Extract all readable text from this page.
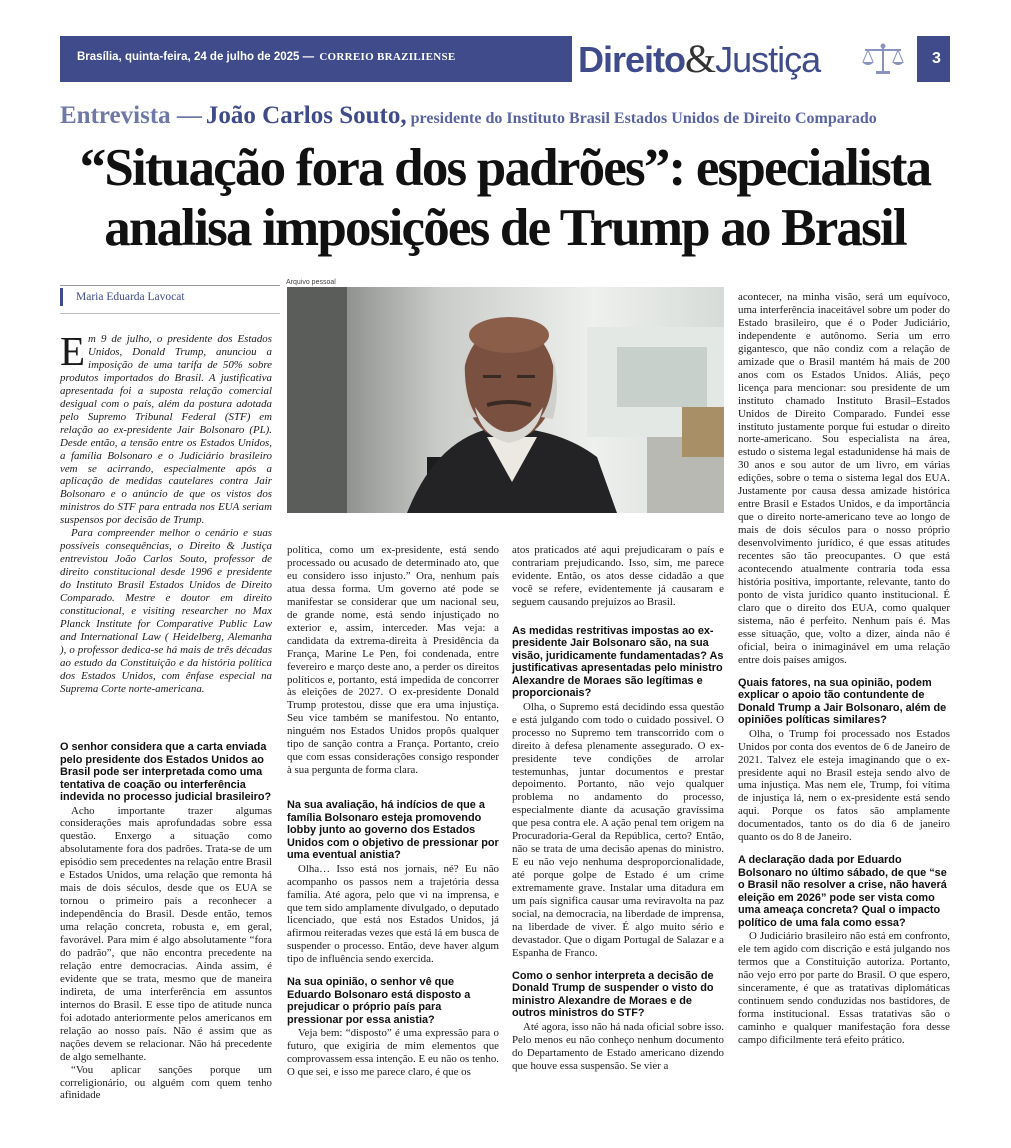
Brasília, quinta-feira, 24 de julho de 2025 — CORREIO BRAZILIENSE	Direito&Justiça	3
Entrevista — João Carlos Souto, presidente do Instituto Brasil Estados Unidos de Direito Comparado
“Situação fora dos padrões”: especialista
analisa imposições de Trump ao Brasil
Maria Eduarda Lavocat
Arquivo pessoal

Em 9 de julho, o presidente dos Estados Unidos, Donald Trump, anunciou a imposição de uma tarifa de 50% sobre produtos importados do Brasil. A justificativa apresentada foi a suposta relação comercial desigual com o país, além da postura adotada pelo Supremo Tribunal Federal (STF) em relação ao ex-presidente Jair Bolsonaro (PL). Desde então, a tensão entre os Estados Unidos, a família Bolsonaro e o Judiciário brasileiro vem se acirrando, especialmente após a aplicação de medidas cautelares contra Jair Bolsonaro e o anúncio de que os vistos dos ministros do STF para entrada nos EUA seriam suspensos por decisão de Trump.

Para compreender melhor o cenário e suas possíveis consequências, o Direito & Justiça entrevistou João Carlos Souto, professor de direito constitucional desde 1996 e presidente do Instituto Brasil Estados Unidos de Direito Comparado. Mestre e doutor em direito constitucional, e visiting researcher no Max Planck Institute for Comparative Public Law and International Law ( Heidelberg, Alemanha ), o professor dedica-se há mais de três décadas ao estudo da Constituição e da história política dos Estados Unidos, com ênfase especial na Suprema Corte norte-americana.

O senhor considera que a carta enviada pelo presidente dos Estados Unidos ao Brasil pode ser interpretada como uma tentativa de coação ou interferência indevida no processo judicial brasileiro?

Acho importante trazer algumas considerações mais aprofundadas sobre essa questão. Enxergo a situação como absolutamente fora dos padrões. Trata-se de um episódio sem precedentes na relação entre Brasil e Estados Unidos, uma relação que remonta há mais de dois séculos, desde que os EUA se tornou o primeiro país a reconhecer a independência do Brasil. Desde então, temos uma relação concreta, robusta e, em geral, favorável. Para mim é algo absolutamente “fora do padrão”, que não encontra precedente na relação entre democracias. Ainda assim, é evidente que se trata, mesmo que de maneira indireta, de uma interferência em assuntos internos do Brasil. E esse tipo de atitude nunca foi adotado anteriormente pelos americanos em relação ao nosso país. Não é assim que as nações devem se relacionar. Não há precedente de algo semelhante.

“Vou aplicar sanções porque um correligionário, ou alguém com quem tenho afinidade

política, como um ex-presidente, está sendo processado ou acusado de determinado ato, que eu considero isso injusto.” Ora, nenhum país atua dessa forma. Um governo até pode se manifestar se considerar que um nacional seu, de grande nome, está sendo injustiçado no exterior e, assim, interceder. Mas veja: a candidata da extrema-direita à Presidência da França, Marine Le Pen, foi condenada, entre fevereiro e março deste ano, a perder os direitos políticos e, portanto, está impedida de concorrer às eleições de 2027. O ex-presidente Donald Trump protestou, disse que era uma injustiça. Seu vice também se manifestou. No entanto, ninguém nos Estados Unidos propôs qualquer tipo de sanção contra a França. Portanto, creio que com essas considerações consigo responder à sua pergunta de forma clara.

Na sua avaliação, há indícios de que a família Bolsonaro esteja promovendo lobby junto ao governo dos Estados Unidos com o objetivo de pressionar por uma eventual anistia?

Olha… Isso está nos jornais, né? Eu não acompanho os passos nem a trajetória dessa família. Até agora, pelo que vi na imprensa, e que tem sido amplamente divulgado, o deputado licenciado, que está nos Estados Unidos, já afirmou reiteradas vezes que está lá em busca de suspender o processo. Então, deve haver algum tipo de influência sendo exercida.

Na sua opinião, o senhor vê que Eduardo Bolsonaro está disposto a prejudicar o próprio país para pressionar por essa anistia?

Veja bem: “disposto” é uma expressão para o futuro, que exigiria de mim elementos que comprovassem essa intenção. E eu não os tenho. O que sei, e isso me parece claro, é que os

atos praticados até aqui prejudicaram o país e contrariam prejudicando. Isso, sim, me parece evidente. Então, os atos desse cidadão a que você se refere, evidentemente já causaram e seguem causando prejuízos ao Brasil.

As medidas restritivas impostas ao ex-presidente Jair Bolsonaro são, na sua visão, juridicamente fundamentadas? As justificativas apresentadas pelo ministro Alexandre de Moraes são legítimas e proporcionais?

Olha, o Supremo está decidindo essa questão e está julgando com todo o cuidado possível. O processo no Supremo tem transcorrido com o direito à defesa plenamente assegurado. O ex-presidente teve condições de arrolar testemunhas, juntar documentos e prestar depoimento. Portanto, não vejo qualquer problema no andamento do processo, especialmente diante da acusação gravíssima que pesa contra ele. A ação penal tem origem na Procuradoria-Geral da República, certo? Então, não se trata de uma decisão apenas do ministro. E eu não vejo nenhuma desproporcionalidade, até porque golpe de Estado é um crime extremamente grave. Instalar uma ditadura em um país significa causar uma reviravolta na paz social, na democracia, na liberdade de imprensa, na liberdade de viver. É algo muito sério e devastador. Que o digam Portugal de Salazar e a Espanha de Franco.

Como o senhor interpreta a decisão de Donald Trump de suspender o visto do ministro Alexandre de Moraes e de outros ministros do STF?

Até agora, isso não há nada oficial sobre isso. Pelo menos eu não conheço nenhum documento do Departamento de Estado americano dizendo que houve essa suspensão. Se vier a

acontecer, na minha visão, será um equívoco, uma interferência inaceitável sobre um poder do Estado brasileiro, que é o Poder Judiciário, independente e autônomo. Seria um erro gigantesco, que não condiz com a relação de amizade que o Brasil mantém há mais de 200 anos com os Estados Unidos. Aliás, peço licença para mencionar: sou presidente de um instituto chamado Instituto Brasil–Estados Unidos de Direito Comparado. Fundei esse instituto justamente porque fui estudar o direito norte-americano. Sou especialista na área, estudo o sistema legal estadunidense há mais de 30 anos e sou autor de um livro, em várias edições, sobre o tema o sistema legal dos EUA. Justamente por causa dessa amizade histórica entre Brasil e Estados Unidos, e da importância que o direito norte-americano teve ao longo de mais de dois séculos para o nosso próprio desenvolvimento jurídico, é que essas atitudes recentes são tão preocupantes. O que está acontecendo atualmente contraria toda essa história positiva, importante, relevante, tanto do ponto de vista jurídico quanto institucional. É claro que o direito dos EUA, como qualquer sistema, não é perfeito. Nenhum país é. Mas esse situação, que, volto a dizer, ainda não é oficial, beira o inimaginável em uma relação entre dois países amigos.

Quais fatores, na sua opinião, podem explicar o apoio tão contundente de Donald Trump a Jair Bolsonaro, além de opiniões políticas similares?

Olha, o Trump foi processado nos Estados Unidos por conta dos eventos de 6 de Janeiro de 2021. Talvez ele esteja imaginando que o ex-presidente aqui no Brasil esteja sendo alvo de uma injustiça. Mas nem ele, Trump, foi vítima de injustiça lá, nem o ex-presidente está sendo aqui. Porque os fatos são amplamente documentados, tanto os do dia 6 de janeiro quanto os do 8 de Janeiro.

A declaração dada por Eduardo Bolsonaro no último sábado, de que “se o Brasil não resolver a crise, não haverá eleição em 2026” pode ser vista como uma ameaça concreta? Qual o impacto político de uma fala como essa?

O Judiciário brasileiro não está em confronto, ele tem agido com discrição e está julgando nos termos que a Constituição autoriza. Portanto, não vejo erro por parte do Brasil. O que espero, sinceramente, é que as tratativas diplomáticas continuem sendo conduzidas nos bastidores, de forma institucional. Essas tratativas são o caminho e qualquer manifestação fora desse campo dificilmente terá efeito prático.
